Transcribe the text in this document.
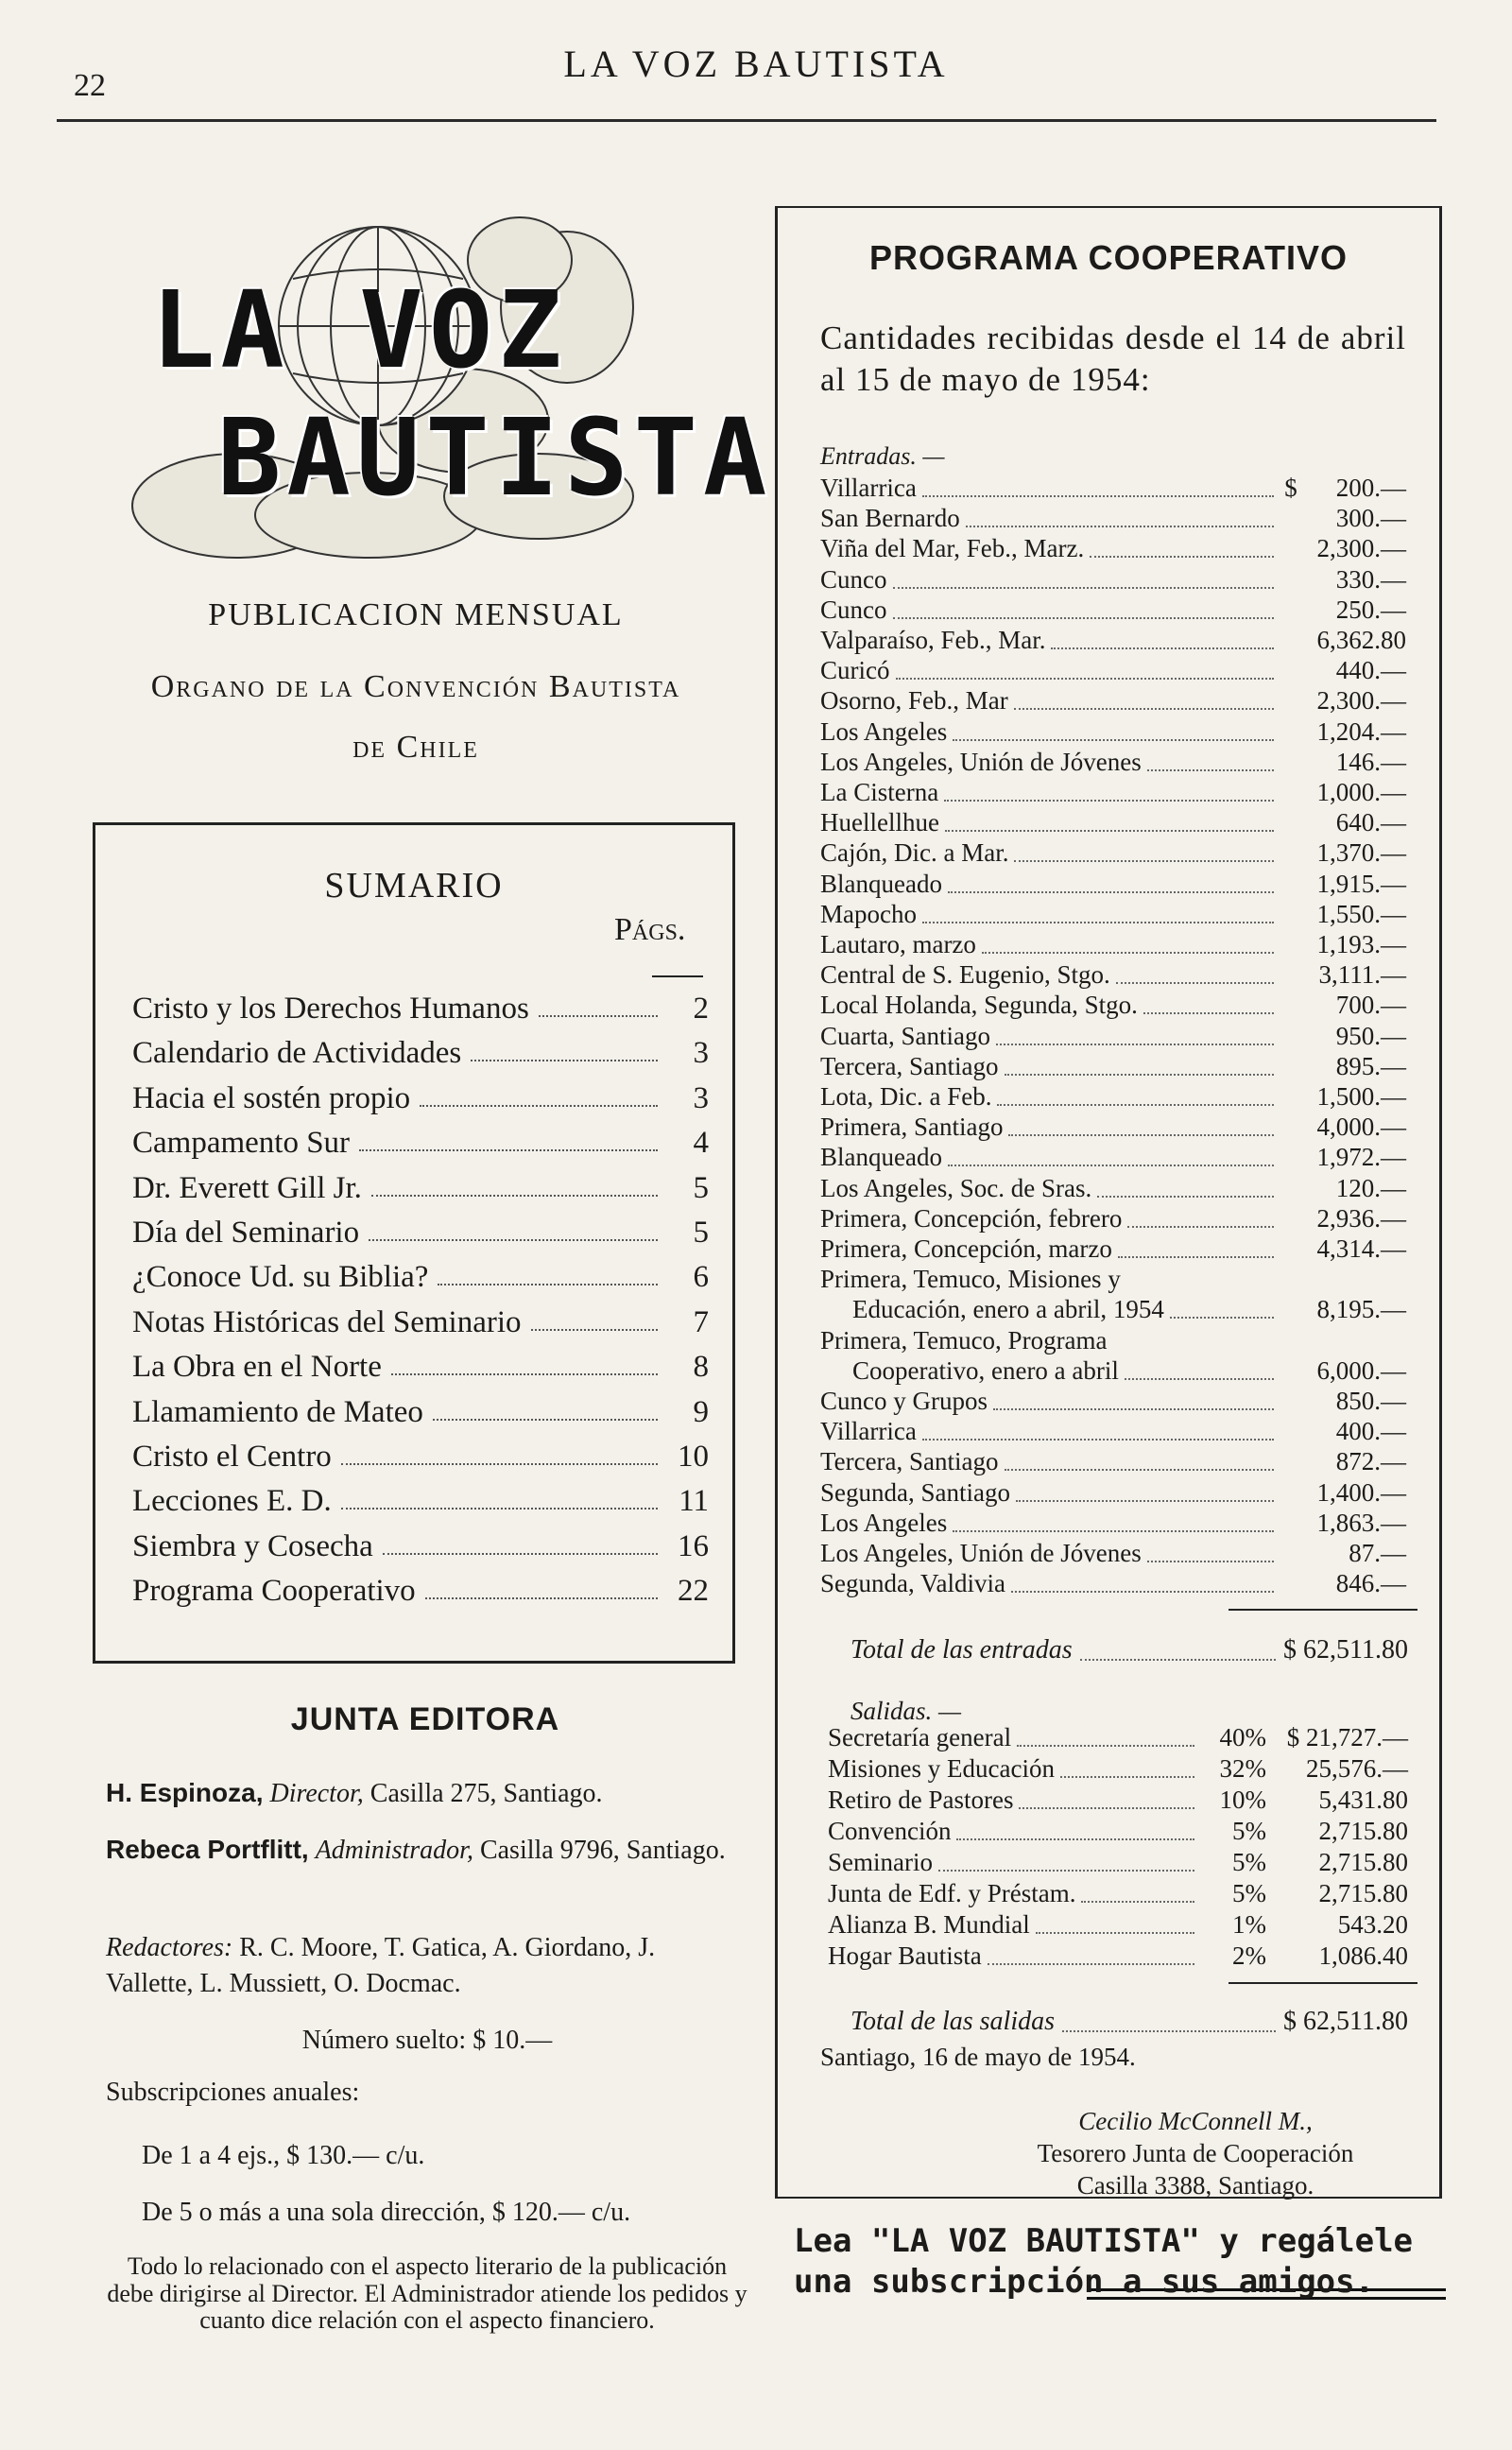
22
LA VOZ BAUTISTA
LA VOZ
BAUTISTA
PUBLICACION MENSUAL
Organo de la Convención Bautista
de Chile
SUMARIO
Págs.
Cristo y los Derechos Humanos	2
Calendario de Actividades	3
Hacia el sostén propio	3
Campamento Sur	4
Dr. Everett Gill Jr.	5
Día del Seminario	5
¿Conoce Ud. su Biblia?	6
Notas Históricas del Seminario	7
La Obra en el Norte	8
Llamamiento de Mateo	9
Cristo el Centro	10
Lecciones E. D.	11
Siembra y Cosecha	16
Programa Cooperativo	22
JUNTA EDITORA
H. Espinoza, Director, Casilla 275, Santiago.
Rebeca Portflitt, Administrador, Casilla 9796, Santiago.
Redactores: R. C. Moore, T. Gatica, A. Giordano, J. Vallette, L. Mussiett, O. Docmac.
Número suelto: $ 10.—
Subscripciones anuales:
De 1 a 4 ejs., $ 130.— c/u.
De 5 o más a una sola dirección, $ 120.— c/u.
Todo lo relacionado con el aspecto literario de la publicación debe dirigirse al Director. El Administrador atiende los pedidos y cuanto dice relación con el aspecto financiero.
PROGRAMA COOPERATIVO
Cantidades recibidas desde el 14 de abril al 15 de mayo de 1954:
Entradas. —
Villarrica	$	200.—
San Bernardo	300.—
Viña del Mar, Feb., Marz.	2,300.—
Cunco	330.—
Cunco	250.—
Valparaíso, Feb., Mar.	6,362.80
Curicó	440.—
Osorno, Feb., Mar	2,300.—
Los Angeles	1,204.—
Los Angeles, Unión de Jóvenes	146.—
La Cisterna	1,000.—
Huellellhue	640.—
Cajón, Dic. a Mar.	1,370.—
Blanqueado	1,915.—
Mapocho	1,550.—
Lautaro, marzo	1,193.—
Central de S. Eugenio, Stgo.	3,111.—
Local Holanda, Segunda, Stgo.	700.—
Cuarta, Santiago	950.—
Tercera, Santiago	895.—
Lota, Dic. a Feb.	1,500.—
Primera, Santiago	4,000.—
Blanqueado	1,972.—
Los Angeles, Soc. de Sras.	120.—
Primera, Concepción, febrero	2,936.—
Primera, Concepción, marzo	4,314.—
Primera, Temuco, Misiones y
Educación, enero a abril, 1954	8,195.—
Primera, Temuco, Programa
Cooperativo, enero a abril	6,000.—
Cunco y Grupos	850.—
Villarrica	400.—
Tercera, Santiago	872.—
Segunda, Santiago	1,400.—
Los Angeles	1,863.—
Los Angeles, Unión de Jóvenes	87.—
Segunda, Valdivia	846.—
Total de las entradas	$ 62,511.80
Secretaría general	40% $ 21,727.—
Misiones y Educación	32%	25,576.—
Retiro de Pastores	10%	5,431.80
Convención	5%	2,715.80
Seminario	5%	2,715.80
Junta de Edf. y Préstam.	5%	2,715.80
Alianza B. Mundial	1%	543.20
Hogar Bautista	2%	1,086.40
Total de las salidas	$ 62,511.80
Salidas. —
Santiago, 16 de mayo de 1954.
Cecilio McConnell M.,
Tesorero Junta de Cooperación
Casilla 3388, Santiago.
Lea "LA VOZ BAUTISTA" y regálele una subscripción a sus amigos.
